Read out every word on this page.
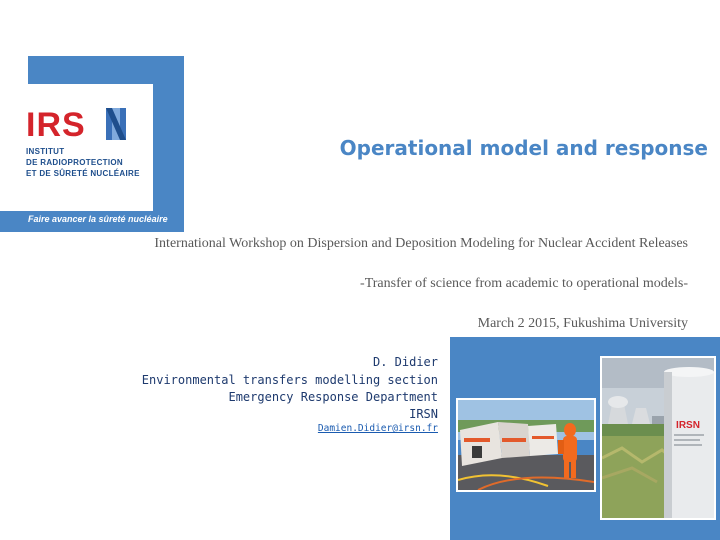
IRS
INSTITUT
DE RADIOPROTECTION
ET DE SÛRETÉ NUCLÉAIRE
Faire avancer la sûreté nucléaire
Operational model and response
International Workshop on Dispersion and Deposition Modeling for Nuclear Accident Releases
-Transfer of science from academic to operational models-
March 2 2015, Fukushima University
D. Didier
Environmental transfers modelling section
Emergency Response Department
IRSN
Damien.Didier@irsn.fr	IRSN
